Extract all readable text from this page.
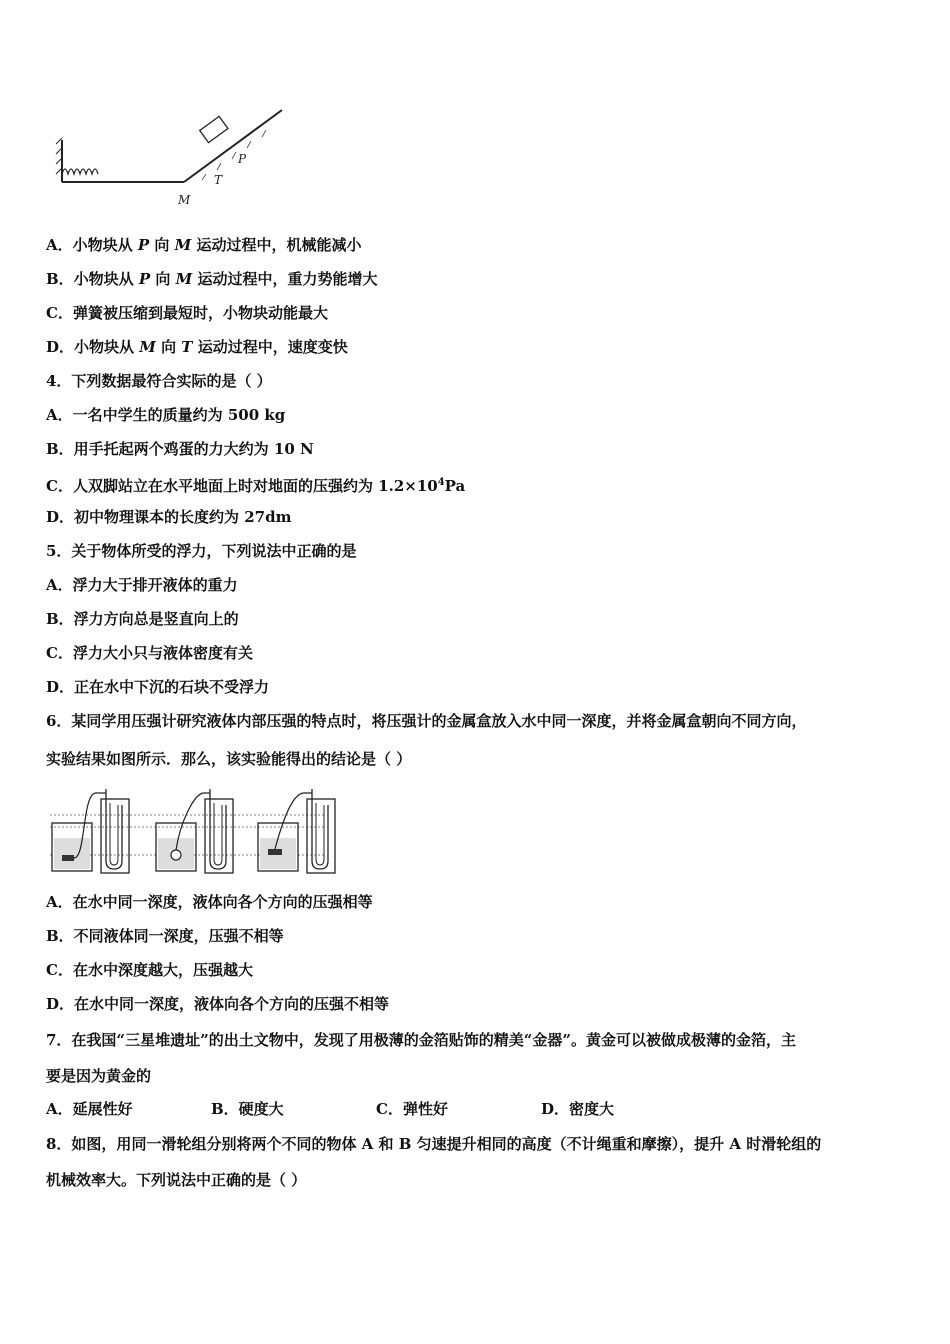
P
T
M
A．小物块从 P 向 M 运动过程中，机械能减小
B．小物块从 P 向 M 运动过程中，重力势能增大
C．弹簧被压缩到最短时，小物块动能最大
D．小物块从 M 向 T 运动过程中，速度变快
4．下列数据最符合实际的是（ ）
A．一名中学生的质量约为 500 kg
B．用手托起两个鸡蛋的力大约为 10 N
C．人双脚站立在水平地面上时对地面的压强约为 $1.2\times 10^4Pa$
D．初中物理课本的长度约为 27dm
5．关于物体所受的浮力，下列说法中正确的是
A．浮力大于排开液体的重力
B．浮力方向总是竖直向上的
C．浮力大小只与液体密度有关
D．正在水中下沉的石块不受浮力
6．某同学用压强计研究液体内部压强的特点时，将压强计的金属盒放入水中同一深度，并将金属盒朝向不同方向，
实验结果如图所示．那么，该实验能得出的结论是（ ）
A．在水中同一深度，液体向各个方向的压强相等
B．不同液体同一深度，压强不相等
C．在水中深度越大，压强越大
D．在水中同一深度，液体向各个方向的压强不相等
7．在我国“三星堆遗址”的出土文物中，发现了用极薄的金箔贴饰的精美“金器”。黄金可以被做成极薄的金箔，主
要是因为黄金的
A．延展性好	B．硬度大	C．弹性好	D．密度大
8．如图，用同一滑轮组分别将两个不同的物体 A 和 B 匀速提升相同的高度（不计绳重和摩擦），提升 A 时滑轮组的
机械效率大。下列说法中正确的是（ ）
